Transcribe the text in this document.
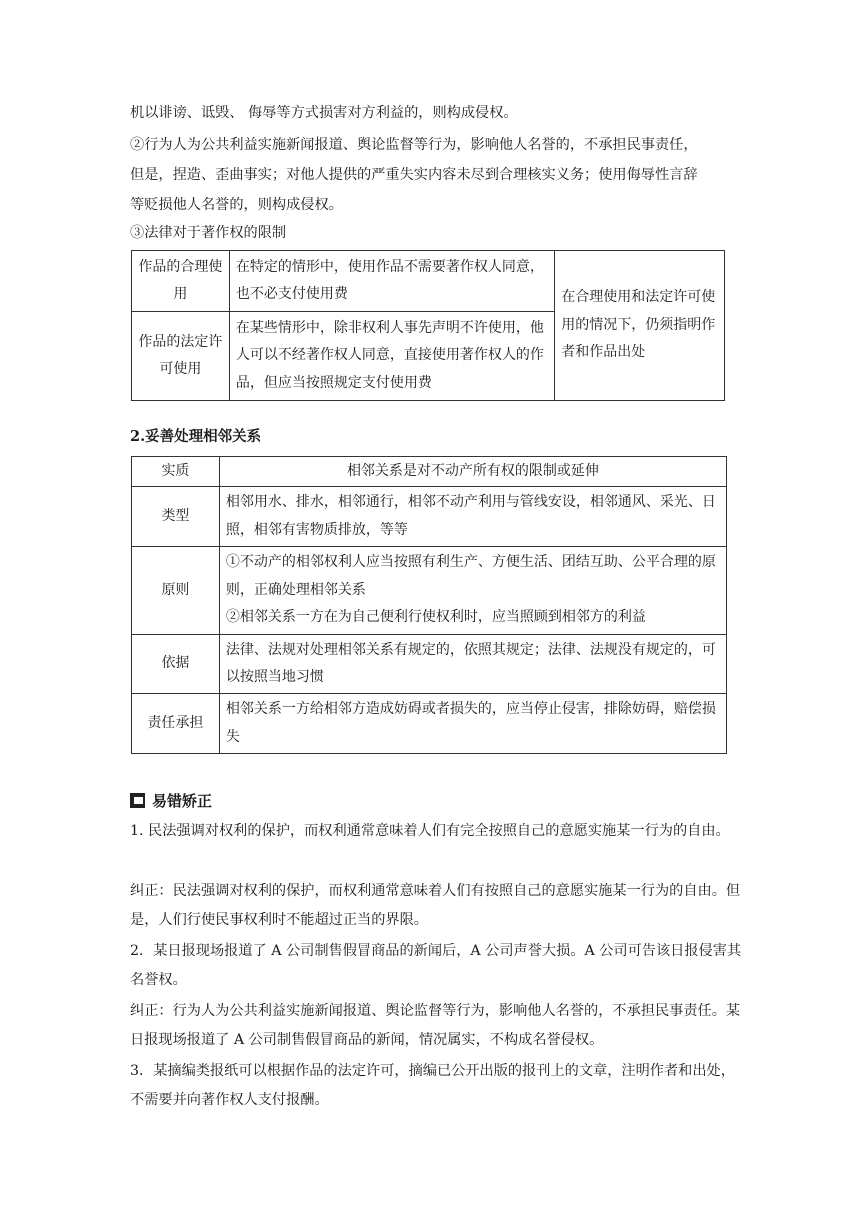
机以诽谤、诋毁、 侮辱等方式损害对方利益的，则构成侵权。
②行为人为公共利益实施新闻报道、舆论监督等行为，影响他人名誉的，不承担民事责任，
但是，捏造、歪曲事实；对他人提供的严重失实内容未尽到合理核实义务；使用侮辱性言辞
等贬损他人名誉的，则构成侵权。
③法律对于著作权的限制
作品的合理使用	在特定的情形中，使用作品不需要著作权人同意，也不必支付使用费	在合理使用和法定许可使用的情况下，仍须指明作者和作品出处
作品的法定许可使用	在某些情形中，除非权利人事先声明不许使用，他人可以不经著作权人同意，直接使用著作权人的作品，但应当按照规定支付使用费	
2.妥善处理相邻关系
实质	相邻关系是对不动产所有权的限制或延伸
类型	相邻用水、排水，相邻通行，相邻不动产利用与管线安设，相邻通风、采光、日照，相邻有害物质排放，等等
原则	①不动产的相邻权利人应当按照有利生产、方便生活、团结互助、公平合理的原则，正确处理相邻关系
②相邻关系一方在为自己便利行使权利时，应当照顾到相邻方的利益

依据	法律、法规对处理相邻关系有规定的，依照其规定；法律、法规没有规定的，可以按照当地习惯
责任承担	相邻关系一方给相邻方造成妨碍或者损失的，应当停止侵害，排除妨碍，赔偿损失
易错矫正
1. 民法强调对权利的保护，而权利通常意味着人们有完全按照自己的意愿实施某一行为的自由。
纠正：民法强调对权利的保护，而权利通常意味着人们有按照自己的意愿实施某一行为的自由。但是，人们行使民事权利时不能超过正当的界限。
2．某日报现场报道了 A 公司制售假冒商品的新闻后，A 公司声誉大损。A 公司可告该日报侵害其名誉权。
纠正：行为人为公共利益实施新闻报道、舆论监督等行为，影响他人名誉的，不承担民事责任。某日报现场报道了 A 公司制售假冒商品的新闻，情况属实，不构成名誉侵权。
3．某摘编类报纸可以根据作品的法定许可，摘编已公开出版的报刊上的文章，注明作者和出处，不需要并向著作权人支付报酬。
